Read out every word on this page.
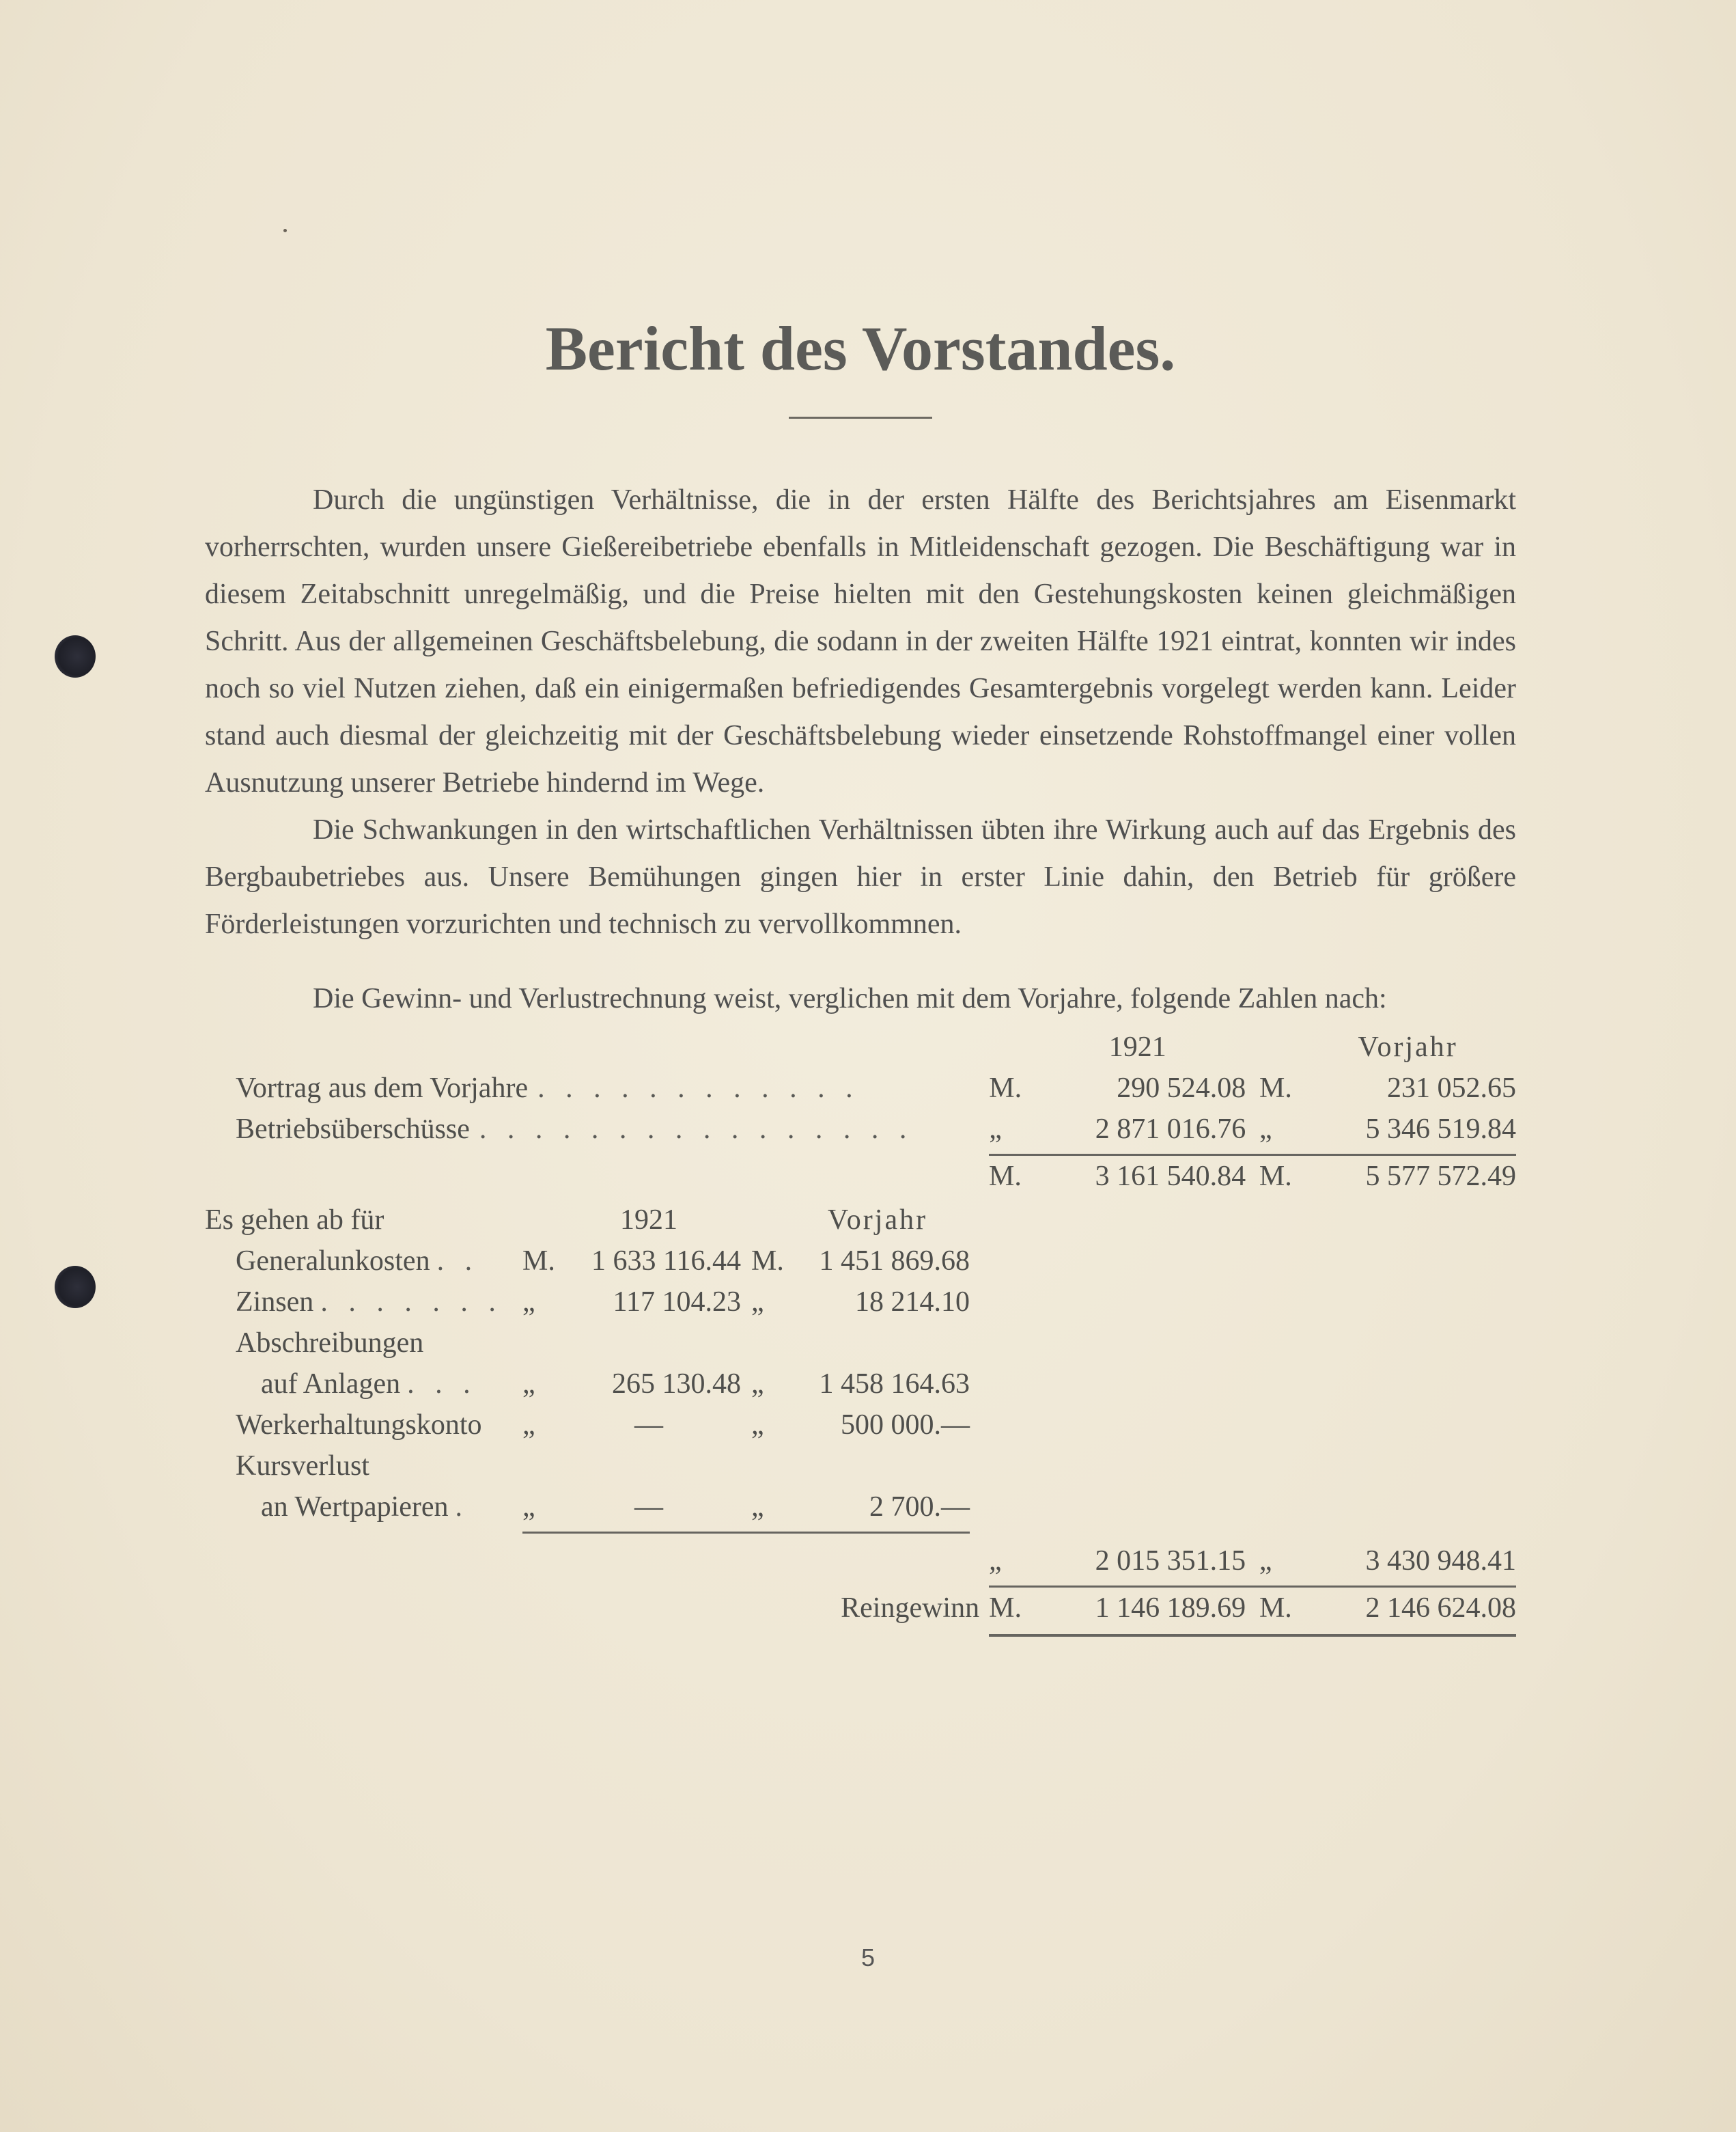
Bericht des Vorstandes.

Durch die ungünstigen Verhältnisse, die in der ersten Hälfte des Berichtsjahres am Eisenmarkt vorherrschten, wurden unsere Gießereibetriebe ebenfalls in Mitleidenschaft gezogen. Die Beschäftigung war in diesem Zeitabschnitt unregelmäßig, und die Preise hielten mit den Gestehungskosten keinen gleichmäßigen Schritt. Aus der allgemeinen Geschäftsbelebung, die sodann in der zweiten Hälfte 1921 eintrat, konnten wir indes noch so viel Nutzen ziehen, daß ein einigermaßen befriedigendes Gesamtergebnis vorgelegt werden kann. Leider stand auch diesmal der gleichzeitig mit der Geschäftsbelebung wieder einsetzende Rohstoffmangel einer vollen Ausnutzung unserer Betriebe hindernd im Wege.

Die Schwankungen in den wirtschaftlichen Verhältnissen übten ihre Wirkung auch auf das Ergebnis des Bergbaubetriebes aus. Unsere Bemühungen gingen hier in erster Linie dahin, den Betrieb für größere Förderleistungen vorzurichten und technisch zu vervollkommnen.

Die Gewinn- und Verlustrechnung weist, verglichen mit dem Vorjahre, folgende Zahlen nach:

1921	Vorjahr
Vortrag aus dem Vorjahre . . . . . . . . . . . .	M.	290 524.08 M.	231 052.65
Betriebsüberschüsse . . . . . . . . . . . . . . . .	„	2 871 016.76 „	5 346 519.84
M.	3 161 540.84 M.	5 577 572.49
Es gehen ab für	1921	Vorjahr
Generalunkosten . .	M.	1 633 116.44 M.	1 451 869.68
Zinsen . . . . . . . „	117 104.23 „	18 214.10
Abschreibungen
auf Anlagen . . .	„	265 130.48 „	1 458 164.63
Werkerhaltungskonto „	—	„	500 000.—
Kursverlust
an Wertpapieren .	„	—	„	2 700.—
„	2 015 351.15 „	3 430 948.41
Reingewinn M.	1 146 189.69 M.	2 146 624.08
5
